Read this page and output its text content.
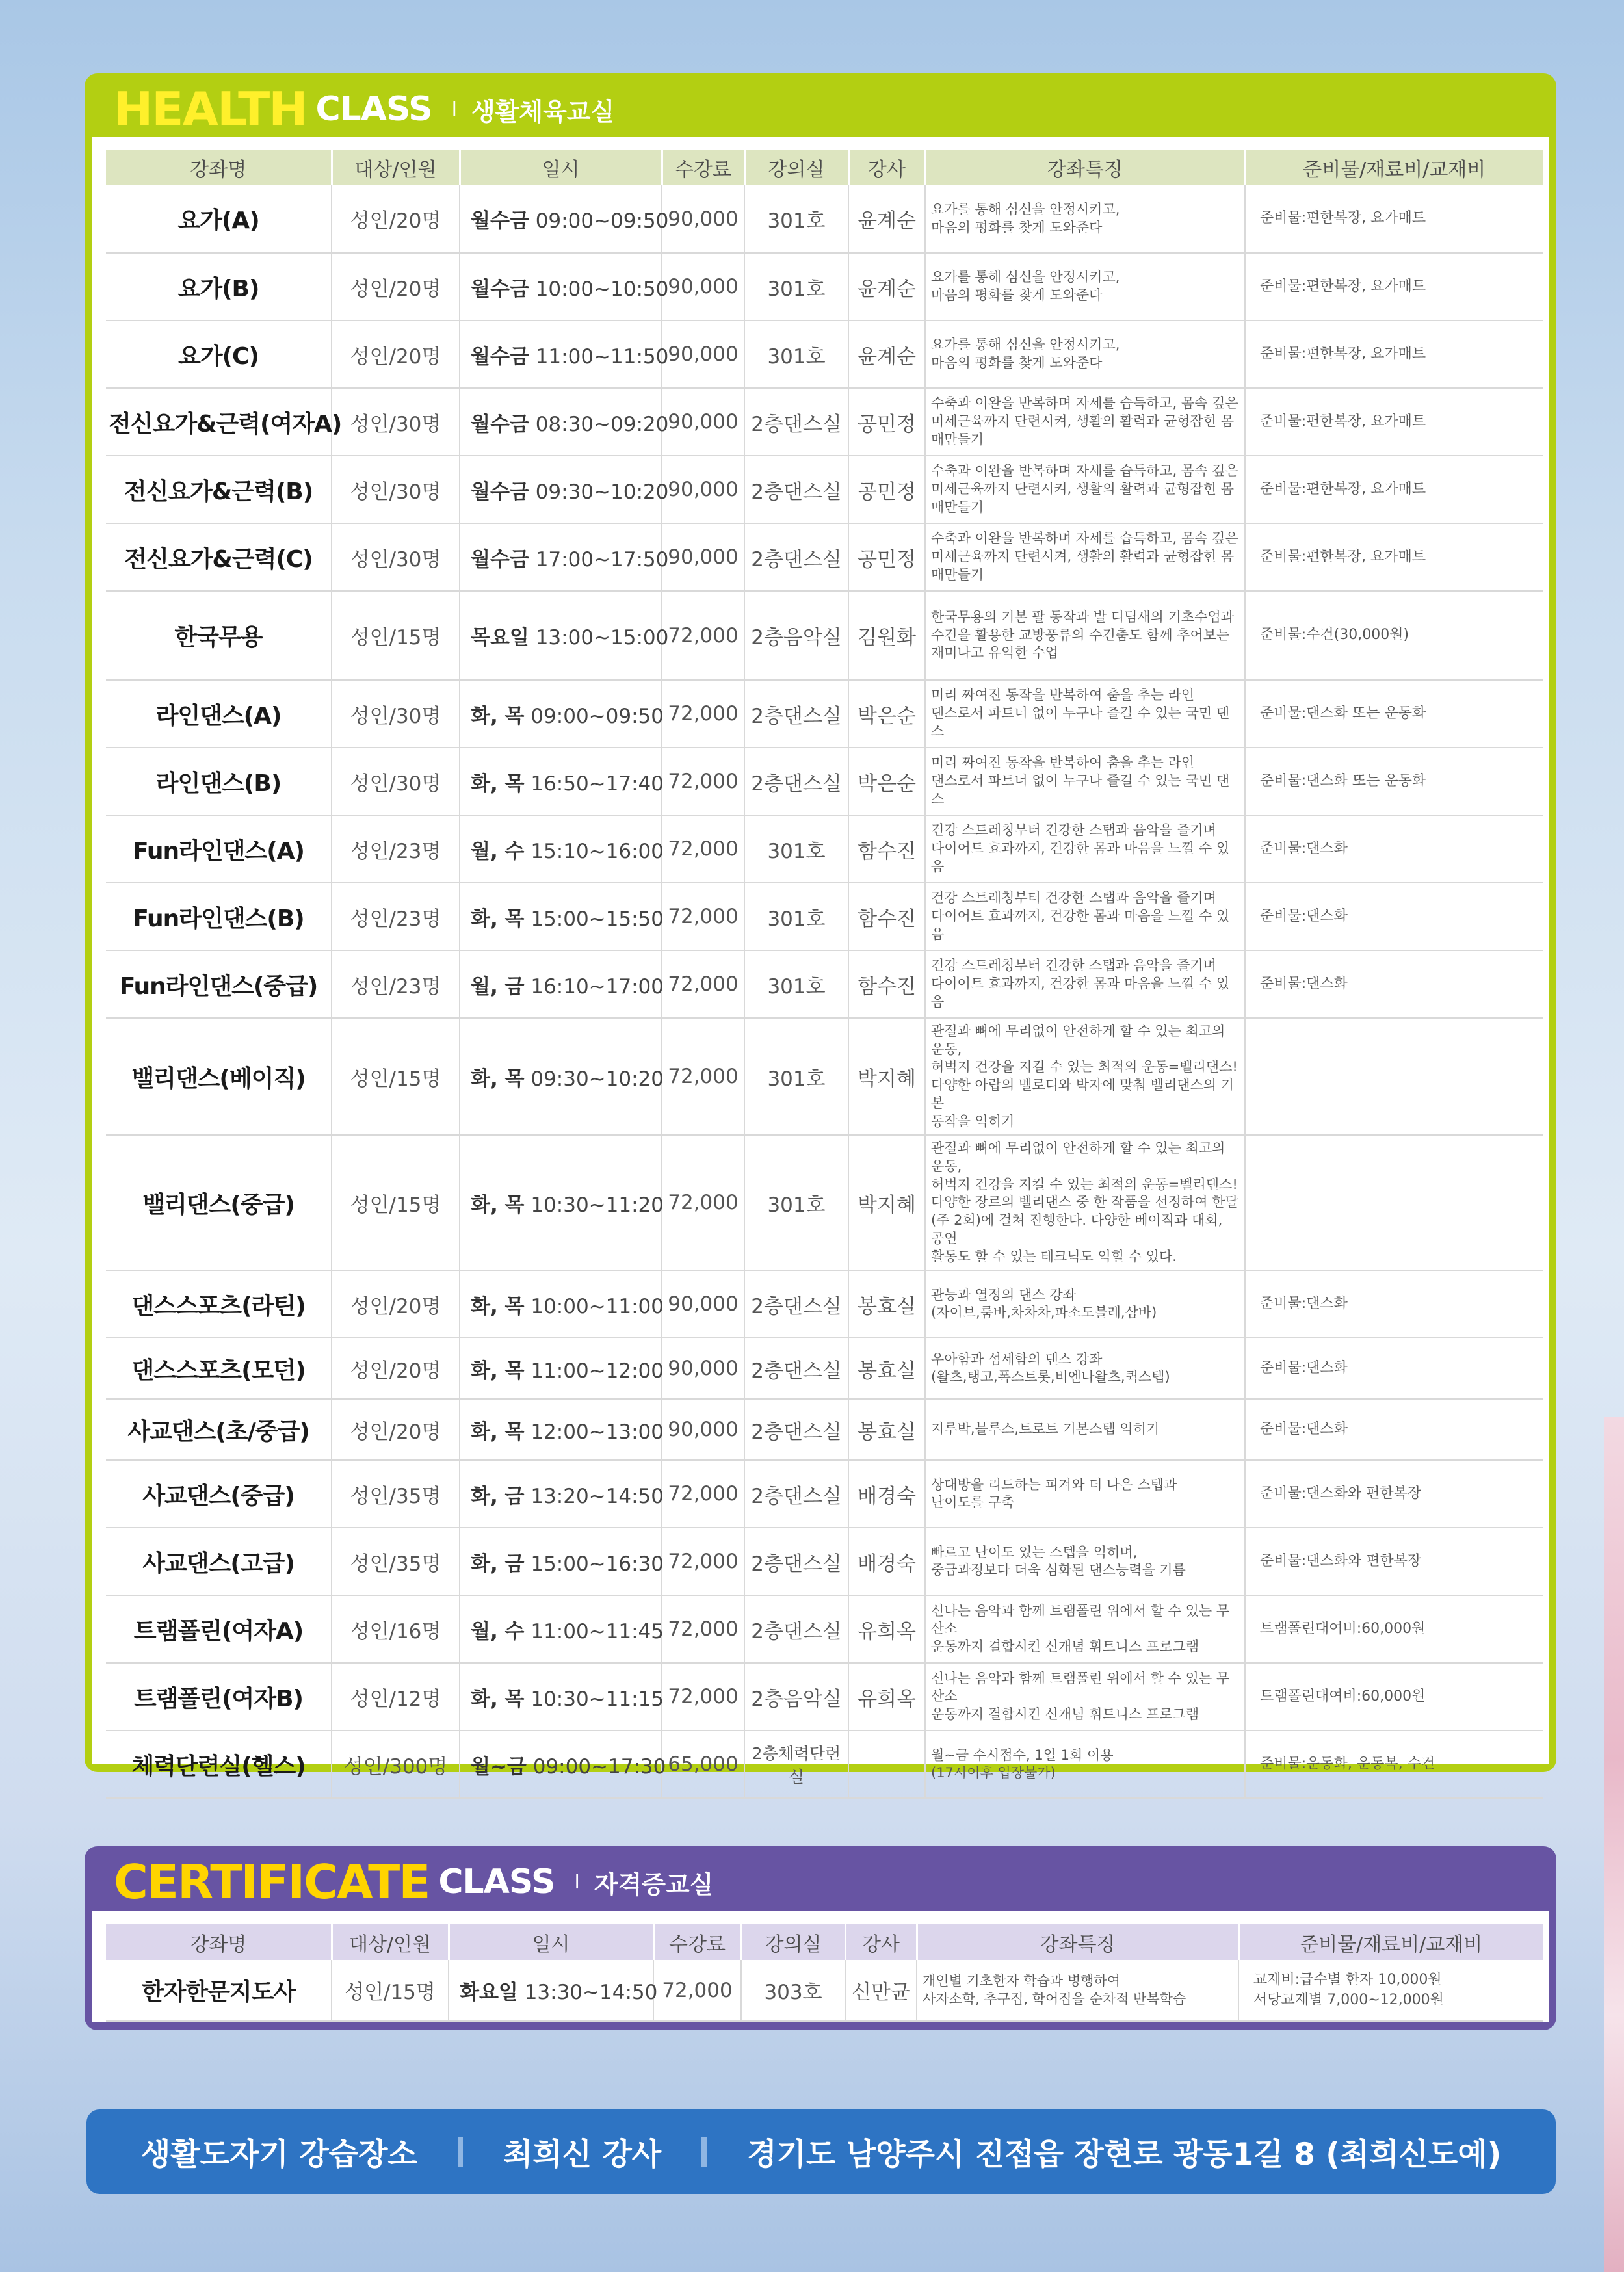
HEALTH CLASS l 생활체육교실
강좌명	대상/인원	일시	수강료	강의실	강사	강좌특징	준비물/재료비/교재비
요가(A)	성인/20명	월수금 09:00~09:50	90,000	301호	윤계순	요가를 통해 심신을 안정시키고,
마음의 평화를 찾게 도와준다	준비물:편한복장, 요가매트
요가(B)	성인/20명	월수금 10:00~10:50	90,000	301호	윤계순	요가를 통해 심신을 안정시키고,
마음의 평화를 찾게 도와준다	준비물:편한복장, 요가매트
요가(C)	성인/20명	월수금 11:00~11:50	90,000	301호	윤계순	요가를 통해 심신을 안정시키고,
마음의 평화를 찾게 도와준다	준비물:편한복장, 요가매트
전신요가&근력(여자A)	성인/30명	월수금 08:30~09:20	90,000	2층댄스실	공민정	수축과 이완을 반복하며 자세를 습득하고, 몸속 깊은
미세근육까지 단련시켜, 생활의 활력과 균형잡힌 몸매만들기	준비물:편한복장, 요가매트
전신요가&근력(B)	성인/30명	월수금 09:30~10:20	90,000	2층댄스실	공민정	수축과 이완을 반복하며 자세를 습득하고, 몸속 깊은
미세근육까지 단련시켜, 생활의 활력과 균형잡힌 몸매만들기	준비물:편한복장, 요가매트
전신요가&근력(C)	성인/30명	월수금 17:00~17:50	90,000	2층댄스실	공민정	수축과 이완을 반복하며 자세를 습득하고, 몸속 깊은
미세근육까지 단련시켜, 생활의 활력과 균형잡힌 몸매만들기	준비물:편한복장, 요가매트
한국무용	성인/15명	목요일 13:00~15:00	72,000	2층음악실	김원화	한국무용의 기본 팔 동작과 발 디딤새의 기초수업과
수건을 활용한 교방풍류의 수건춤도 함께 추어보는
재미나고 유익한 수업	준비물:수건(30,000원)
라인댄스(A)	성인/30명	화, 목 09:00~09:50	72,000	2층댄스실	박은순	미리 짜여진 동작을 반복하여 춤을 추는 라인
댄스로서 파트너 없이 누구나 즐길 수 있는 국민 댄스	준비물:댄스화 또는 운동화
라인댄스(B)	성인/30명	화, 목 16:50~17:40	72,000	2층댄스실	박은순	미리 짜여진 동작을 반복하여 춤을 추는 라인
댄스로서 파트너 없이 누구나 즐길 수 있는 국민 댄스	준비물:댄스화 또는 운동화
Fun라인댄스(A)	성인/23명	월, 수 15:10~16:00	72,000	301호	함수진	건강 스트레칭부터 건강한 스탭과 음악을 즐기며
다이어트 효과까지, 건강한 몸과 마음을 느낄 수 있음	준비물:댄스화
Fun라인댄스(B)	성인/23명	화, 목 15:00~15:50	72,000	301호	함수진	건강 스트레칭부터 건강한 스탭과 음악을 즐기며
다이어트 효과까지, 건강한 몸과 마음을 느낄 수 있음	준비물:댄스화
Fun라인댄스(중급)	성인/23명	월, 금 16:10~17:00	72,000	301호	함수진	건강 스트레칭부터 건강한 스탭과 음악을 즐기며
다이어트 효과까지, 건강한 몸과 마음을 느낄 수 있음	준비물:댄스화
밸리댄스(베이직)	성인/15명	화, 목 09:30~10:20	72,000	301호	박지혜	관절과 뼈에 무리없이 안전하게 할 수 있는 최고의 운동,
허벅지 건강을 지킬 수 있는 최적의 운동=벨리댄스!
다양한 아랍의 멜로디와 박자에 맞춰 벨리댄스의 기본
동작을 익히기	
밸리댄스(중급)	성인/15명	화, 목 10:30~11:20	72,000	301호	박지혜	관절과 뼈에 무리없이 안전하게 할 수 있는 최고의 운동,
허벅지 건강을 지킬 수 있는 최적의 운동=벨리댄스!
다양한 장르의 벨리댄스 중 한 작품을 선정하여 한달
(주 2회)에 걸쳐 진행한다. 다양한 베이직과 대회, 공연
활동도 할 수 있는 테크닉도 익힐 수 있다.	
댄스스포츠(라틴)	성인/20명	화, 목 10:00~11:00	90,000	2층댄스실	봉효실	관능과 열정의 댄스 강좌
(자이브,룸바,차차차,파소도블레,삼바)	준비물:댄스화
댄스스포츠(모던)	성인/20명	화, 목 11:00~12:00	90,000	2층댄스실	봉효실	우아함과 섬세함의 댄스 강좌
(왈츠,탱고,폭스트롯,비엔나왈츠,퀵스텝)	준비물:댄스화
사교댄스(초/중급)	성인/20명	화, 목 12:00~13:00	90,000	2층댄스실	봉효실	지루박,블루스,트로트 기본스텝 익히기	준비물:댄스화
사교댄스(중급)	성인/35명	화, 금 13:20~14:50	72,000	2층댄스실	배경숙	상대방을 리드하는 피겨와 더 나은 스텝과
난이도를 구축	준비물:댄스화와 편한복장
사교댄스(고급)	성인/35명	화, 금 15:00~16:30	72,000	2층댄스실	배경숙	빠르고 난이도 있는 스텝을 익히며,
중급과정보다 더욱 심화된 댄스능력을 기름	준비물:댄스화와 편한복장
트램폴린(여자A)	성인/16명	월, 수 11:00~11:45	72,000	2층댄스실	유희옥	신나는 음악과 함께 트램폴린 위에서 할 수 있는 무산소
운동까지 결합시킨 신개념 휘트니스 프로그램	트램폴린대여비:60,000원
트램폴린(여자B)	성인/12명	화, 목 10:30~11:15	72,000	2층음악실	유희옥	신나는 음악과 함께 트램폴린 위에서 할 수 있는 무산소
운동까지 결합시킨 신개념 휘트니스 프로그램	트램폴린대여비:60,000원
체력단련실(헬스)	성인/300명	월~금 09:00~17:30	65,000	2층체력단련실		월~금 수시접수, 1일 1회 이용
(17시이후 입장불가)	준비물:운동화, 운동복, 수건
CERTIFICATE CLASS l 자격증교실
강좌명	대상/인원	일시	수강료	강의실	강사	강좌특징	준비물/재료비/교재비
한자한문지도사	성인/15명	화요일 13:30~14:50	72,000	303호	신만균	개인별 기초한자 학습과 병행하여
사자소학, 추구집, 학어집을 순차적 반복학습	교재비:급수별 한자 10,000원
서당교재별 7,000~12,000원
생활도자기 강습장소	최희신 강사	경기도 남양주시 진접읍 장현로 광동1길 8 (최희신도예)
